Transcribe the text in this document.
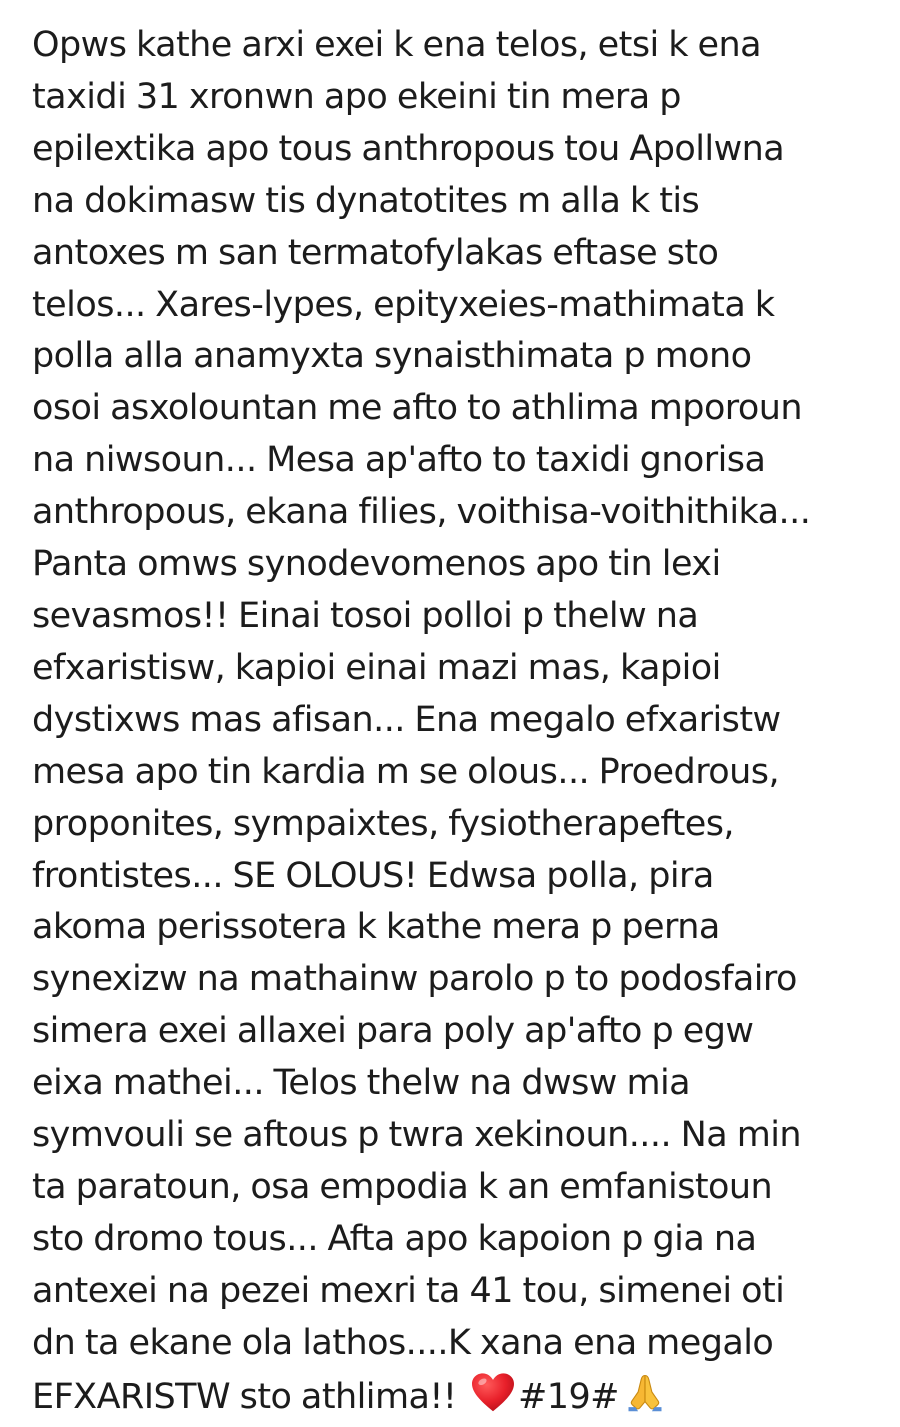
Opws kathe arxi exei k ena telos, etsi k ena
taxidi 31 xronwn apo ekeini tin mera p
epilextika apo tous anthropous tou Apollwna
na dokimasw tis dynatotites m alla k tis
antoxes m san termatofylakas eftase sto
telos... Xares-lypes, epityxeies-mathimata k
polla alla anamyxta synaisthimata p mono
osoi asxolountan me afto to athlima mporoun
na niwsoun... Mesa ap'afto to taxidi gnorisa
anthropous, ekana filies, voithisa-voithithika...
Panta omws synodevomenos apo tin lexi
sevasmos!! Einai tosoi polloi p thelw na
efxaristisw, kapioi einai mazi mas, kapioi
dystixws mas afisan... Ena megalo efxaristw
mesa apo tin kardia m se olous... Proedrous,
proponites, sympaixtes, fysiotherapeftes,
frontistes... SE OLOUS! Edwsa polla, pira
akoma perissotera k kathe mera p perna
synexizw na mathainw parolo p to podosfairo
simera exei allaxei para poly ap'afto p egw
eixa mathei... Telos thelw na dwsw mia
symvouli se aftous p twra xekinoun.... Na min
ta paratoun, osa empodia k an emfanistoun
sto dromo tous... Afta apo kapoion p gia na
antexei na pezei mexri ta 41 tou, simenei oti
dn ta ekane ola lathos....K xana ena megalo
EFXARISTW sto athlima!! #19#
